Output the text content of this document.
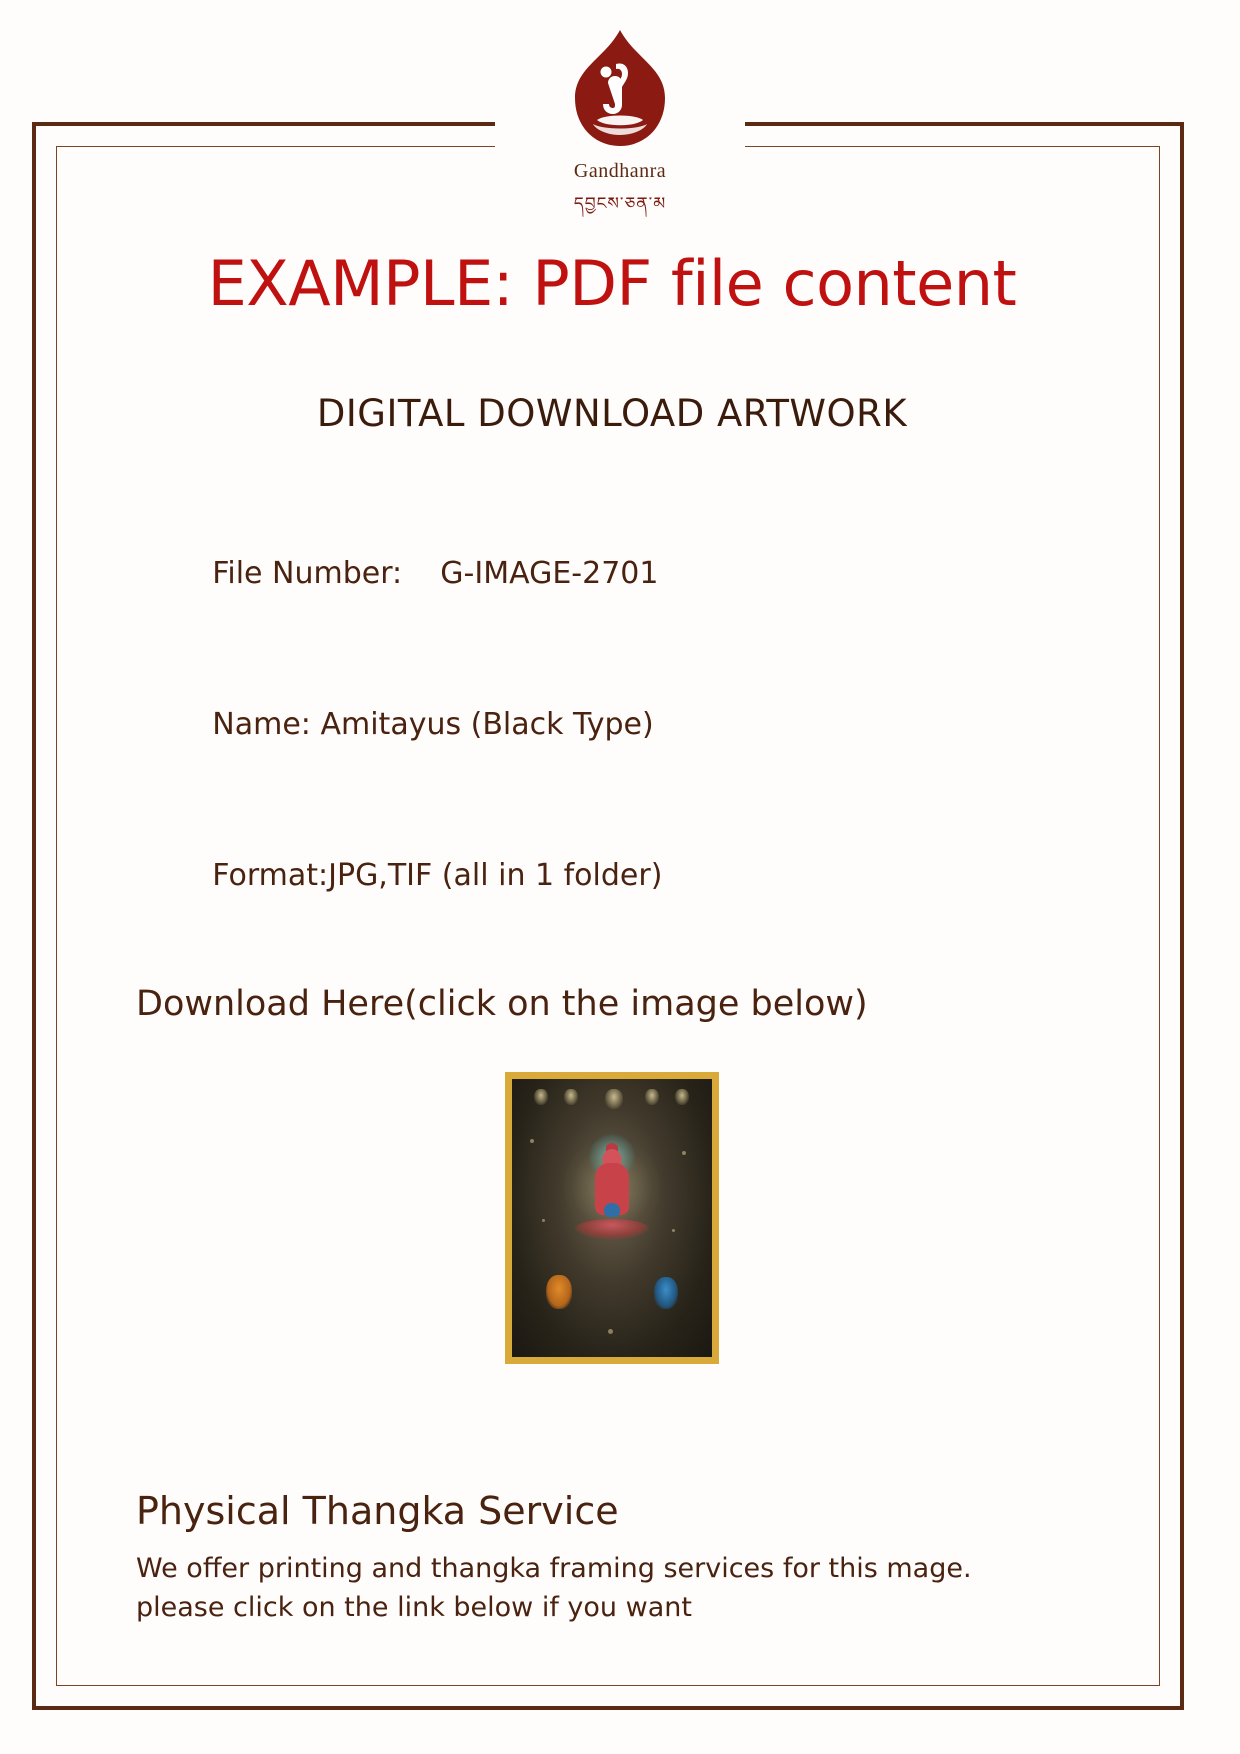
Gandhanra
དབྱངས་ཅན་མ
EXAMPLE: PDF file content
DIGITAL DOWNLOAD ARTWORK

File Number: G-IMAGE-2701

Name: Amitayus (Black Type)

Format:JPG,TIF (all in 1 folder)

Download Here(click on the image below)
Physical Thangka Service
We offer printing and thangka framing services for this mage.
please click on the link below if you want
